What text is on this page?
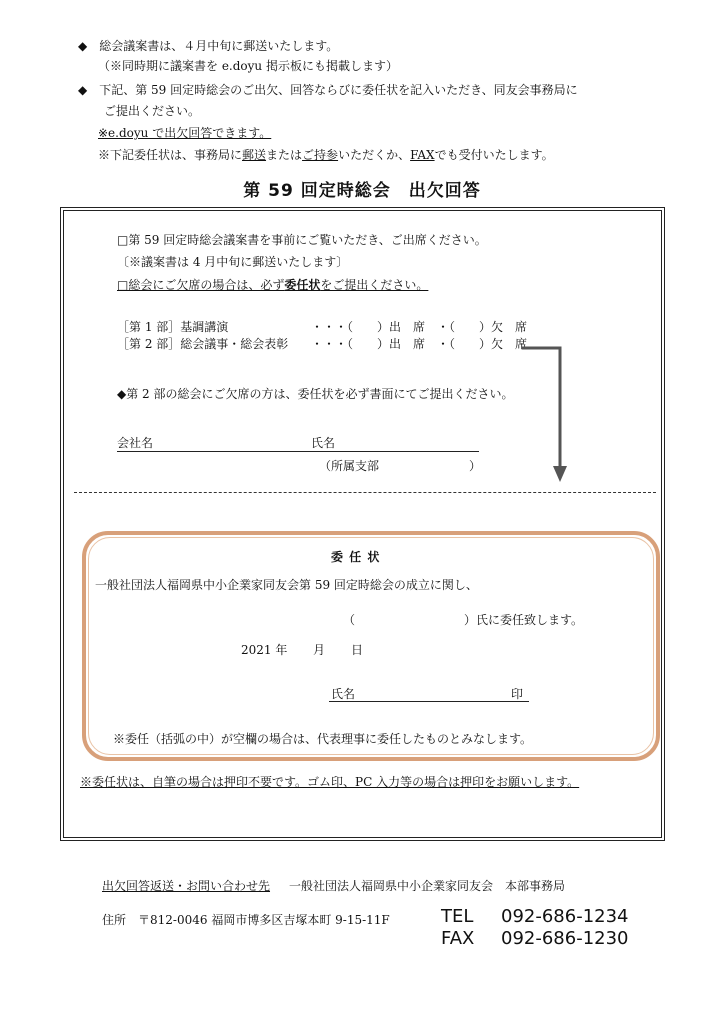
◆　総会議案書は、４月中旬に郵送いたします。
（※同時期に議案書を e.doyu 掲示板にも掲載します）
◆　下記、第 59 回定時総会のご出欠、回答ならびに委任状を記入いただき、同友会事務局に
ご提出ください。
※e.doyu で出欠回答できます。
※下記委任状は、事務局に郵送またはご持参いただくか、FAXでも受付いたします。
第 59 回定時総会　出欠回答
□第 59 回定時総会議案書を事前にご覧いただき、ご出席ください。
〔※議案書は 4 月中旬に郵送いたします〕
□総会にご欠席の場合は、必ず委任状をご提出ください。
［第 1 部］基調講演	・・・（　　）出　席　・（　　）欠　席
［第 2 部］総会議事・総会表彰 ・・・（　　）出　席　・（　　）欠　席
◆第 2 部の総会にご欠席の方は、委任状を必ず書面にてご提出ください。
会社名	氏名
（所属支部	）
委 任 状
一般社団法人福岡県中小企業家同友会第 59 回定時総会の成立に関し、
（	）氏に委任致します。
2021 年 月 日
氏名	印
※委任（括弧の中）が空欄の場合は、代表理事に委任したものとみなします。
※委任状は、自筆の場合は押印不要です。ゴム印、PC 入力等の場合は押印をお願いします。
出欠回答返送・お問い合わせ先 一般社団法人福岡県中小企業家同友会　本部事務局
住所　〒812-0046 福岡市博多区吉塚本町 9-15-11F	TEL 092-686-1234
FAX 092-686-1230
